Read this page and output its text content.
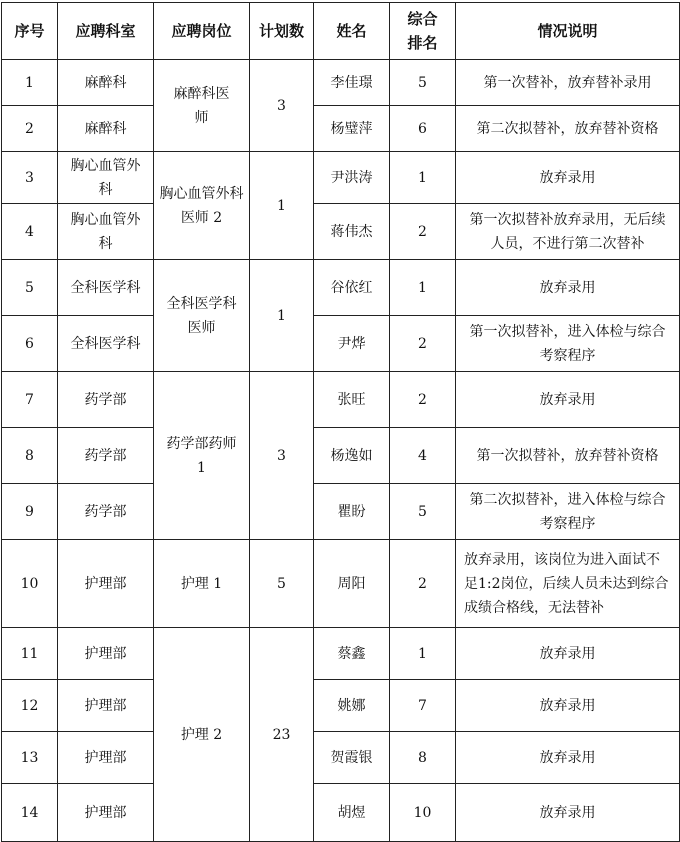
序号	应聘科室	应聘岗位	计划数	姓名	综合排名	情况说明
1	麻醉科	麻醉科医师	3	李佳璟	5	第一次替补，放弃替补录用
2	麻醉科			杨璧萍	6	第二次拟替补，放弃替补资格
3	胸心血管外科	胸心血管外科医师 2	1	尹洪涛	1	放弃录用
4	胸心血管外科			蒋伟杰	2	第一次拟替补放弃录用，无后续人员，不进行第二次替补
5	全科医学科	全科医学科医师	1	谷依红	1	放弃录用
6	全科医学科			尹烨	2	第一次拟替补，进入体检与综合考察程序
7	药学部	药学部药师 1	3	张旺	2	放弃录用
8	药学部			杨逸如	4	第一次拟替补，放弃替补资格
9	药学部			瞿盼	5	第二次拟替补，进入体检与综合考察程序
10	护理部	护理 1	5	周阳	2	放弃录用，该岗位为进入面试不足1:2岗位，后续人员未达到综合成绩合格线，无法替补
11	护理部	护理 2	23	蔡鑫	1	放弃录用
12	护理部			姚娜	7	放弃录用
13	护理部			贺霞银	8	放弃录用
14	护理部			胡煜	10	放弃录用
